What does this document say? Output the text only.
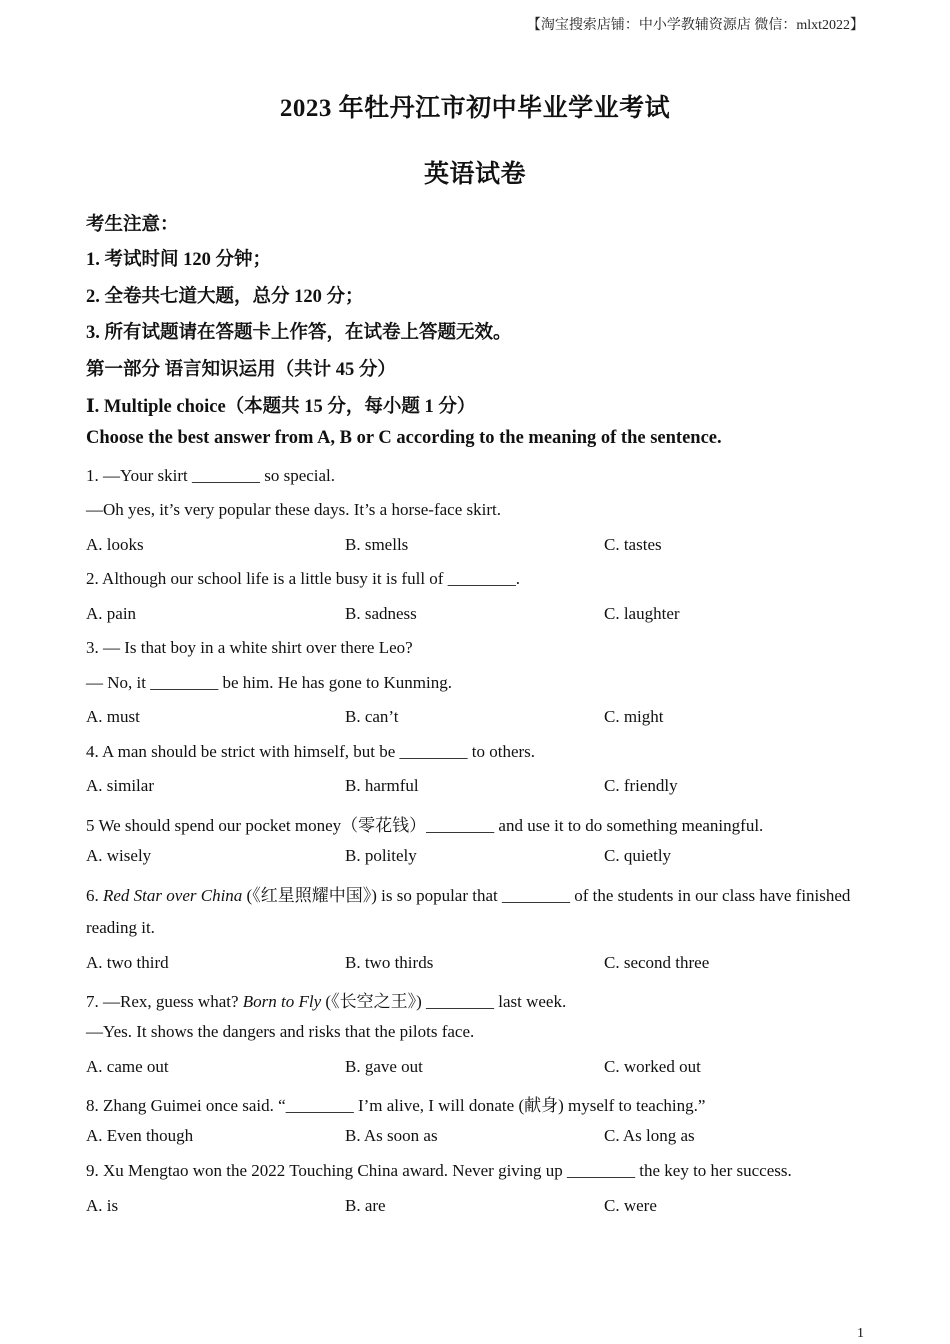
【淘宝搜索店铺：中小学教辅资源店 微信：mlxt2022】
2023 年牡丹江市初中毕业学业考试
英语试卷
考生注意：
1. 考试时间 120 分钟；
2. 全卷共七道大题，总分 120 分；
3. 所有试题请在答题卡上作答，在试卷上答题无效。
第一部分 语言知识运用（共计 45 分）
Ⅰ. Multiple choice（本题共 15 分，每小题 1 分）
Choose the best answer from A, B or C according to the meaning of the sentence.
1. —Your skirt ________ so special.
—Oh yes, it’s very popular these days. It’s a horse-face skirt.
A. looks	B. smells	C. tastes
2. Although our school life is a little busy it is full of ________.
A. pain	B. sadness	C. laughter
3. — Is that boy in a white shirt over there Leo?
— No, it ________ be him. He has gone to Kunming.
A. must	B. can’t	C. might
4. A man should be strict with himself, but be ________ to others.
A. similar	B. harmful	C. friendly
5 We should spend our pocket money（零花钱）________ and use it to do something meaningful.
A. wisely	B. politely	C. quietly
6. Red Star over China (《红星照耀中国》) is so popular that ________ of the students in our class have finished
reading it.
A. two third	B. two thirds	C. second three
7. —Rex, guess what? Born to Fly (《长空之王》) ________ last week.
—Yes. It shows the dangers and risks that the pilots face.
A. came out	B. gave out	C. worked out
8. Zhang Guimei once said. “________ I’m alive, I will donate (献身) myself to teaching.”
A. Even though	B. As soon as	C. As long as
9. Xu Mengtao won the 2022 Touching China award. Never giving up ________ the key to her success.
A. is	B. are	C. were
1
